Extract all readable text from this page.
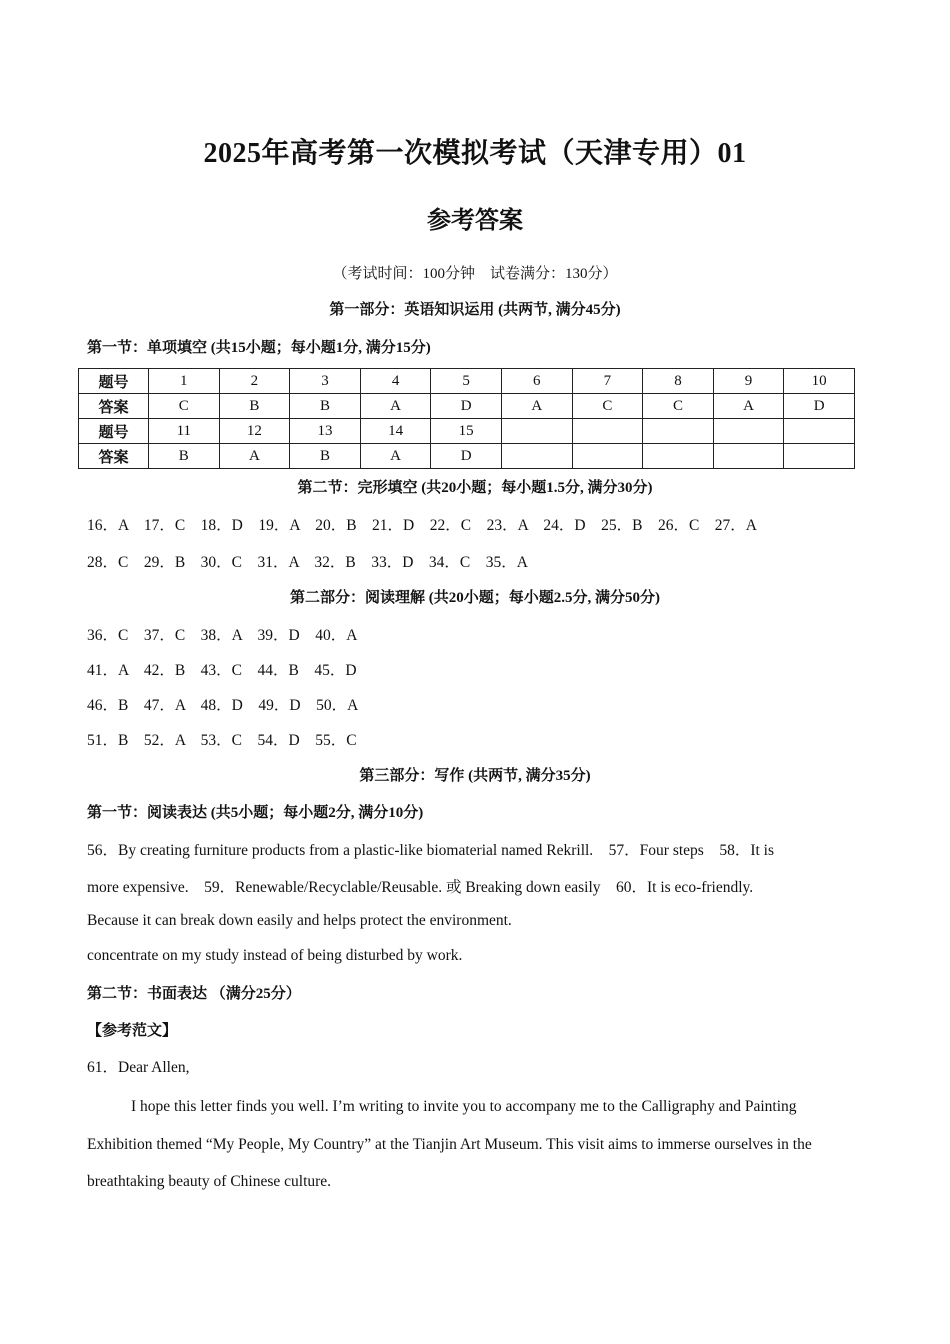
2025年高考第一次模拟考试（天津专用）01
参考答案
（考试时间：100分钟　试卷满分：130分）
第一部分：英语知识运用 (共两节, 满分45分)
第一节：单项填空 (共15小题；每小题1分, 满分15分)
题号	1	2	3	4	5	6	7	8	9	10
答案	C	B	B	A	D	A	C	C	A	D
题号	11	12	13	14	15					
答案	B	A	B	A	D					
第二节：完形填空 (共20小题；每小题1.5分, 满分30分)
16．A　17．C　18．D　19．A　20．B　21．D　22．C　23．A　24．D　25．B　26．C　27．A
28．C　29．B　30．C　31．A　32．B　33．D　34．C　35．A
第二部分：阅读理解 (共20小题；每小题2.5分, 满分50分)
36．C　37．C　38．A　39．D　40．A
41．A　42．B　43．C　44．B　45．D
46．B　47．A　48．D　49．D　50．A
51．B　52．A　53．C　54．D　55．C
第三部分：写作 (共两节, 满分35分)
第一节：阅读表达 (共5小题；每小题2分, 满分10分)
56．By creating furniture products from a plastic-like biomaterial named Rekrill.　57．Four steps　58．It is
more expensive.　59．Renewable/Recyclable/Reusable. 或 Breaking down easily　60．It is eco-friendly.
Because it can break down easily and helps protect the environment.
concentrate on my study instead of being disturbed by work.
第二节：书面表达 （满分25分）
【参考范文】
61．Dear Allen,
I hope this letter finds you well. I’m writing to invite you to accompany me to the Calligraphy and Painting Exhibition themed “My People, My Country” at the Tianjin Art Museum. This visit aims to immerse ourselves in the breathtaking beauty of Chinese culture.
